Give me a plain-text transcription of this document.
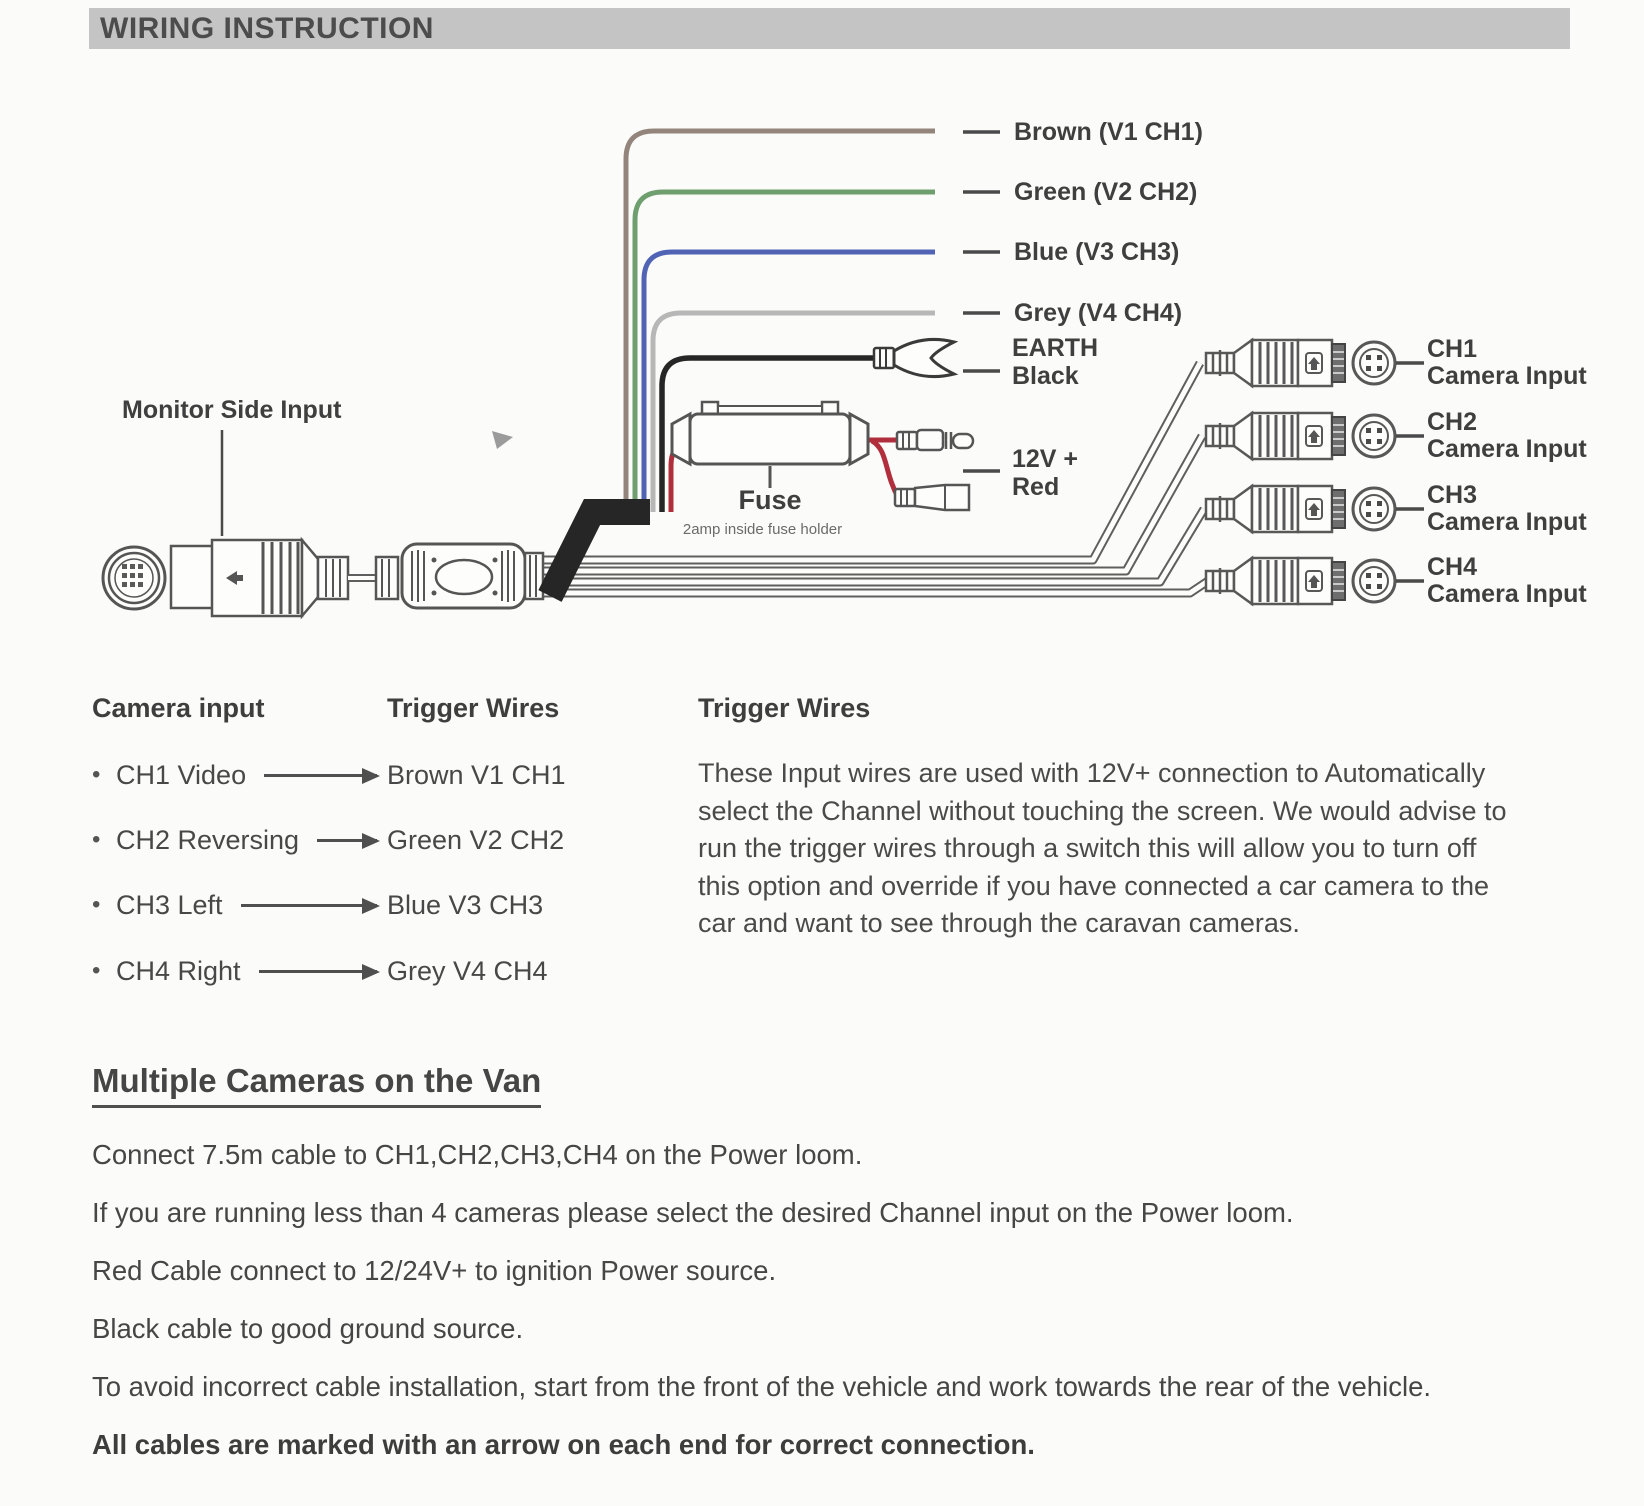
WIRING INSTRUCTION
Monitor Side Input
Brown (V1 CH1)
Green (V2 CH2)
Blue (V3 CH3)
Grey (V4 CH4)
EARTH
Black
12V +
Red
Fuse
2amp inside fuse holder
CH1
Camera Input
CH2
Camera Input
CH3
Camera Input
CH4
Camera Input
Camera input	Trigger Wires
• CH1 Video	Brown V1 CH1
• CH2 Reversing	Green V2 CH2
• CH3 Left	Blue V3 CH3
• CH4 Right	Grey V4 CH4
Trigger Wires

These Input wires are used with 12V+ connection to Automatically select the Channel without touching the screen. We would advise to run the trigger wires through a switch this will allow you to turn off this option and override if you have connected a car camera to the car and want to see through the caravan cameras.

Multiple Cameras on the Van

Connect 7.5m cable to CH1,CH2,CH3,CH4 on the Power loom.

If you are running less than 4 cameras please select the desired Channel input on the Power loom.

Red Cable connect to 12/24V+ to ignition Power source.

Black cable to good ground source.

To avoid incorrect cable installation, start from the front of the vehicle and work towards the rear of the vehicle.

All cables are marked with an arrow on each end for correct connection.
